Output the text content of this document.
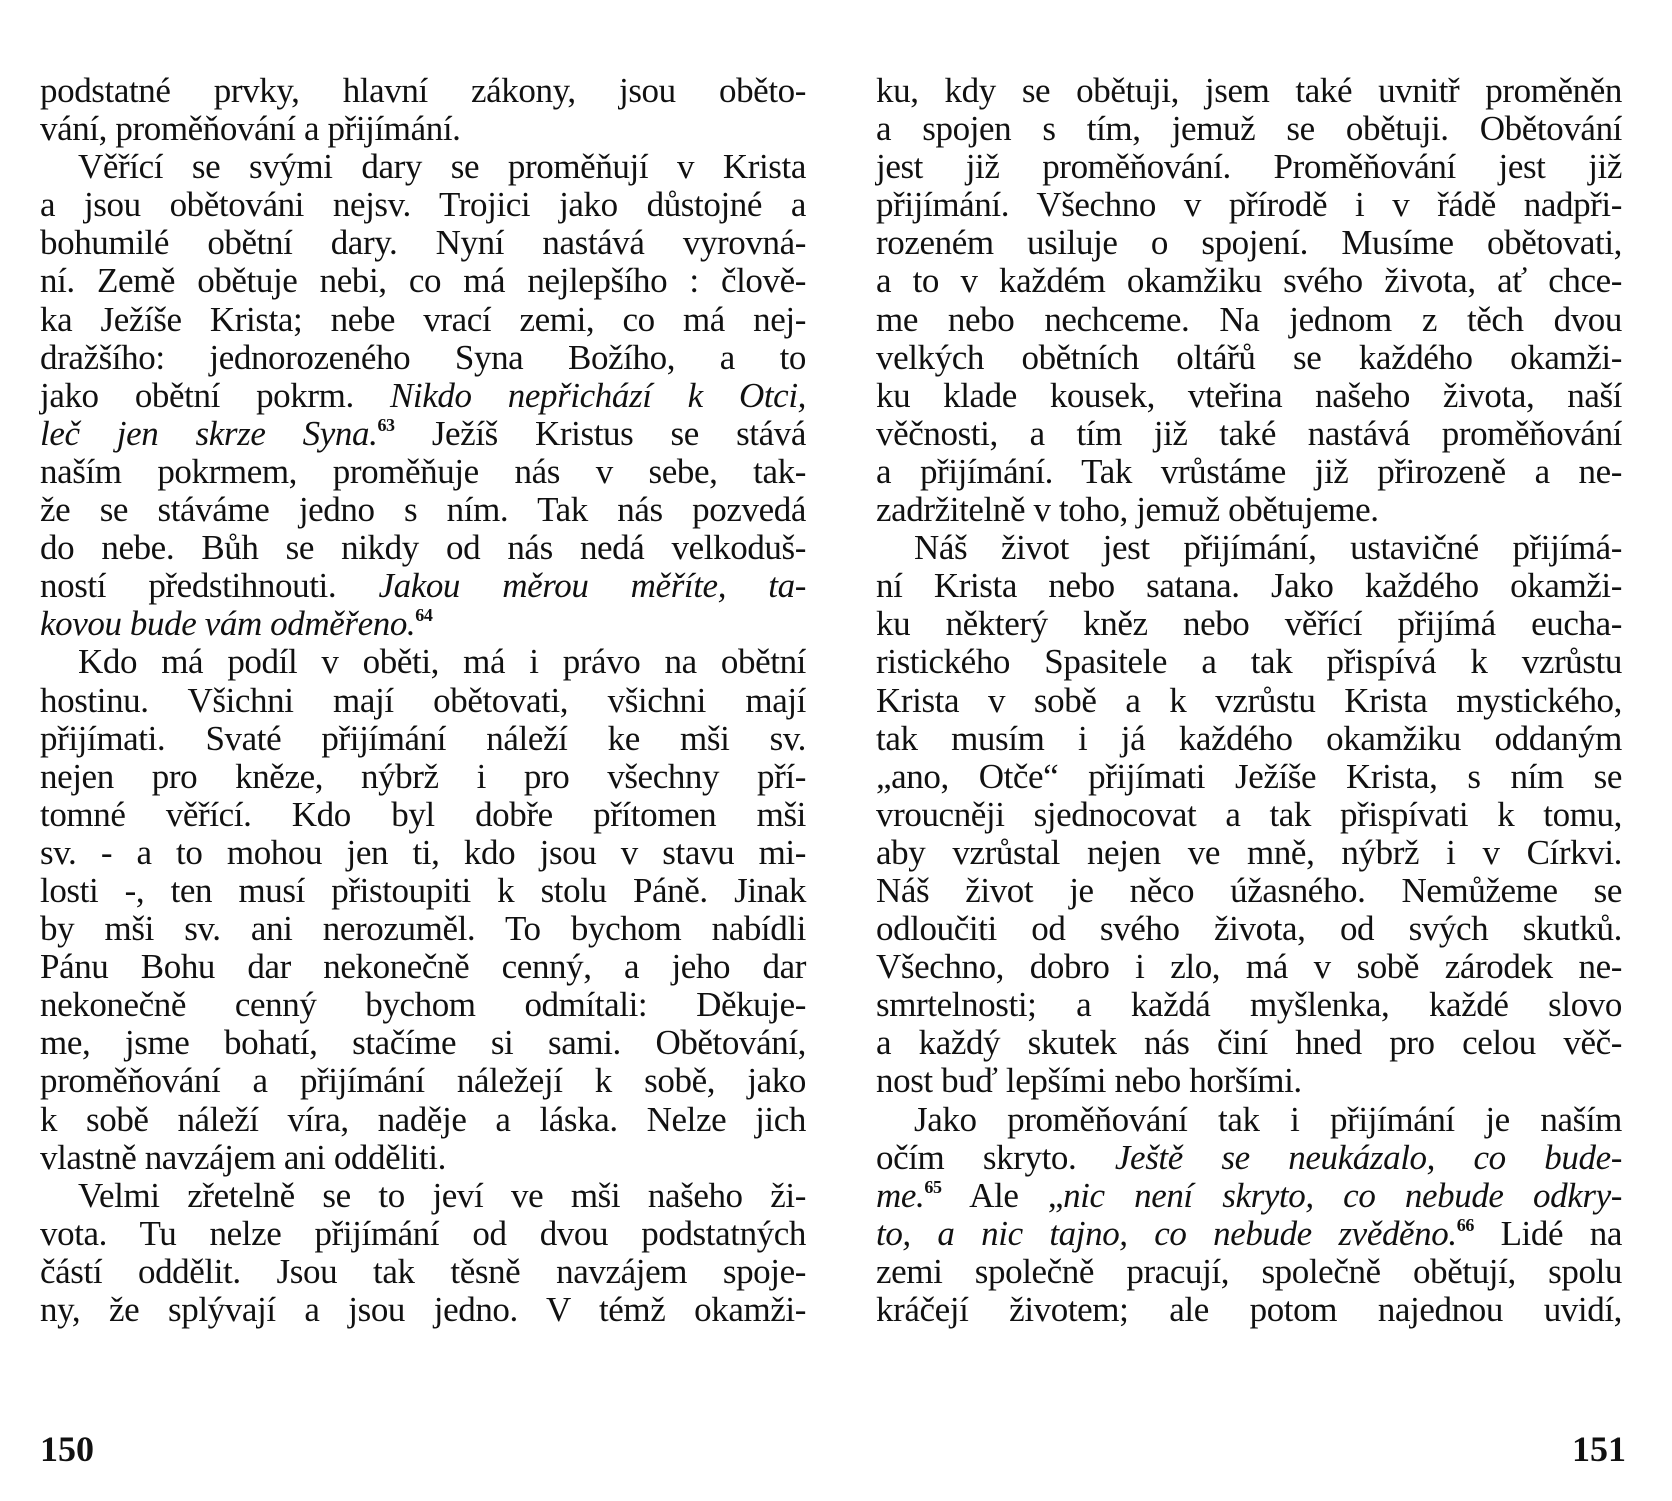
podstatné prvky, hlavní zákony, jsou oběto-
vání, proměňování a přijímání.
Věřící se svými dary se proměňují v Krista
a jsou obětováni nejsv. Trojici jako důstojné a
bohumilé obětní dary. Nyní nastává vyrovná-
ní. Země obětuje nebi, co má nejlepšího : člově-
ka Ježíše Krista; nebe vrací zemi, co má nej-
dražšího: jednorozeného Syna Božího, a to
jako obětní pokrm. Nikdo nepřichází k Otci,
leč jen skrze Syna.$^{63}$ Ježíš Kristus se stává
naším pokrmem, proměňuje nás v sebe, tak-
že se stáváme jedno s ním. Tak nás pozvedá
do nebe. Bůh se nikdy od nás nedá velkoduš-
ností předstihnouti. Jakou měrou měříte, ta-
kovou bude vám odměřeno.$^{64}$
Kdo má podíl v oběti, má i právo na obětní
hostinu. Všichni mají obětovati, všichni mají
přijímati. Svaté přijímání náleží ke mši sv.
nejen pro kněze, nýbrž i pro všechny pří-
tomné věřící. Kdo byl dobře přítomen mši
sv. - a to mohou jen ti, kdo jsou v stavu mi-
losti -, ten musí přistoupiti k stolu Páně. Jinak
by mši sv. ani nerozuměl. To bychom nabídli
Pánu Bohu dar nekonečně cenný, a jeho dar
nekonečně cenný bychom odmítali: Děkuje-
me, jsme bohatí, stačíme si sami. Obětování,
proměňování a přijímání náležejí k sobě, jako
k sobě náleží víra, naděje a láska. Nelze jich
vlastně navzájem ani odděliti.
Velmi zřetelně se to jeví ve mši našeho ži-
vota. Tu nelze přijímání od dvou podstatných
částí oddělit. Jsou tak těsně navzájem spoje-
ny, že splývají a jsou jedno. V témž okamži-
ku, kdy se obětuji, jsem také uvnitř proměněn
a spojen s tím, jemuž se obětuji. Obětování
jest již proměňování. Proměňování jest již
přijímání. Všechno v přírodě i v řádě nadpři-
rozeném usiluje o spojení. Musíme obětovati,
a to v každém okamžiku svého života, ať chce-
me nebo nechceme. Na jednom z těch dvou
velkých obětních oltářů se každého okamži-
ku klade kousek, vteřina našeho života, naší
věčnosti, a tím již také nastává proměňování
a přijímání. Tak vrůstáme již přirozeně a ne-
zadržitelně v toho, jemuž obětujeme.
Náš život jest přijímání, ustavičné přijímá-
ní Krista nebo satana. Jako každého okamži-
ku některý kněz nebo věřící přijímá eucha-
ristického Spasitele a tak přispívá k vzrůstu
Krista v sobě a k vzrůstu Krista mystického,
tak musím i já každého okamžiku oddaným
„ano, Otče“ přijímati Ježíše Krista, s ním se
vroucněji sjednocovat a tak přispívati k tomu,
aby vzrůstal nejen ve mně, nýbrž i v Církvi.
Náš život je něco úžasného. Nemůžeme se
odloučiti od svého života, od svých skutků.
Všechno, dobro i zlo, má v sobě zárodek ne-
smrtelnosti; a každá myšlenka, každé slovo
a každý skutek nás činí hned pro celou věč-
nost buď lepšími nebo horšími.
Jako proměňování tak i přijímání je naším
očím skryto. Ještě se neukázalo, co bude-
me.$^{65}$ Ale „nic není skryto, co nebude odkry-
to, a nic tajno, co nebude zvěděno.$^{66}$ Lidé na
zemi společně pracují, společně obětují, spolu
kráčejí životem; ale potom najednou uvidí,
150	151
